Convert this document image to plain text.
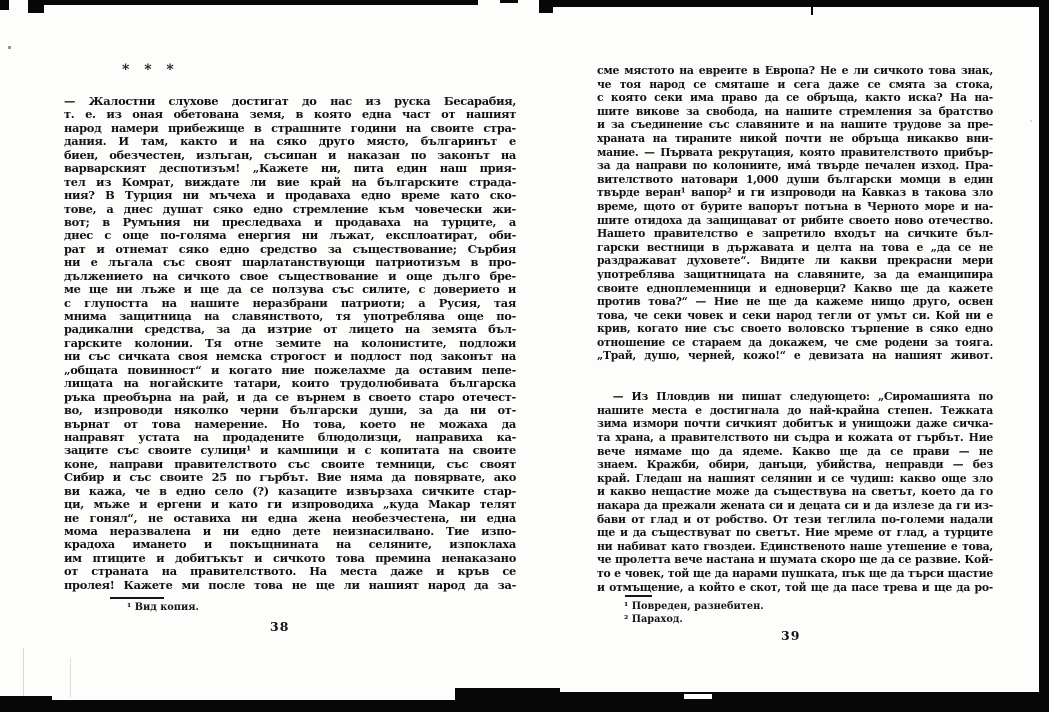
* * *
— Жалостни слухове достигат до нас из руска Бесарабия,
т. е. из оная обетована земя, в която една част от нашият
народ намери прибежище в страшните години на своите стра-
дания. И там, както и на сяко друго място, българинът е
биен, обезчестен, излъган, съсипан и наказан по законът на
варварският деспотизъм! „Кажете ни, пита един наш прия-
тел из Комрат, виждате ли вие край на българските страда-
ния? В Турция ни мъчеха и продаваха едно време като ско-
тове, а днес душат сяко едно стремление към човечески жи-
вот; в Румъния ни преследваха и продаваха на турците, а
днес с още по-голяма енергия ни лъжат, експлоатират, оби-
рат и отнемат сяко едно средство за съществование; Сърбия
ни е лъгала със своят шарлатанствующи патриотизъм в про-
дължението на сичкото свое съществование и още дълго бре-
ме ще ни лъже и ще да се ползува със силите, с доверието и
с глупостта на нашите неразбрани патриоти; а Русия, тая
мнима защитница на славянството, тя употреблява още по-
радикални средства, за да изтрие от лицето на земята бъл-
гарските колонии. Тя отне земите на колонистите, подложи
ни със сичката своя немска строгост и подлост под законът на
„общата повинност“ и когато ние пожелахме да оставим пепе-
лищата на ногайските татари, които трудолюбивата българска
ръка преобърна на рай, и да се върнем в своето старо отечест-
во, изпроводи няколко черни български души, за да ни от-
върнат от това намерение. Но това, което не можаха да
направят устата на продадените блюдолизци, направиха ка-
заците със своите сулици¹ и камшици и с копитата на своите
коне, направи правителството със своите темници, със своят
Сибир и със своите 25 по гърбът. Вие няма да повярвате, ако
ви кажа, че в едно село (?) казаците извързаха сичките стар-
ци, мъже и ергени и като ги изпроводиха „куда Макар телят
не гонял“, не оставиха ни една жена необезчестена, ни една
мома неразвалена и ни едно дете неизнасилвано. Тие изпо-
крадоха имането и покъщнината на селяните, изпоклаха
им птиците и добитъкът и сичкото това премина ненаказано
от страната на правителството. На места даже и кръв се
пролея! Кажете ми после това не ще ли нашият народ да за-
¹ Вид копия.
38
сме мястото на евреите в Европа? Не е ли сичкото това знак,
че тоя народ се смяташе и сега даже се смята за стока,
с която секи има право да се обръща, както иска? На на-
шите викове за свобода, на нашите стремления за братство
и за съединение със славяните и на нашите трудове за пре-
храната на тираните никой почти не обръща никакво вни-
мание. — Първата рекрутация, която правителството прибър-
за да направи по колониите, има́ твърде печален изход. Пра-
вителството натовари 1,000 души български момци в един
твърде веран¹ вапор² и ги изпроводи на Кавказ в такова зло
време, щото от бурите вапорът потъна в Черното море и на-
шите отидоха да защищават от рибите своето ново отечество.
Нашето правителство е запретило входът на сичките бъл-
гарски вестници в държавата и целта на това е „да се не
раздражават духовете“. Видите ли какви прекрасни мери
употреблява защитницата на славяните, за да еманципира
своите едноплеменници и едноверци? Какво ще да кажете
против това?“ — Ние не ще да кажеме нищо друго, освен
това, че секи човек и секи народ тегли от умът си. Кой ни е
крив, когато ние със своето воловско търпение в сяко едно
отношение се стараем да докажем, че сме родени за тояга.
„Трай, душо, черней, кожо!“ е девизата на нашият живот.
  — Из Пловдив ни пишат следующето: „Сиромашията по
нашите места е достигнала до най-крайна степен. Тежката
зима измори почти сичкият добитък и унищожи даже сичка-
та храна, а правителството ни съдра и кожата от гърбът. Ние
вече нямаме що да ядеме. Какво ще да се прави — не
знаем. Кражби, обири, данъци, убийства, неправди — без
край. Гледаш на нашият селянин и се чудиш: какво още зло
и какво нещастие може да съществува на светът, което да го
накара да прежали жената си и децата си и да излезе да ги из-
бави от глад и от робство. От тези теглила по-големи надали
ще и да съществуват по светът. Ние мреме от глад, а турците
ни набиват като гвоздеи. Единственото наше утешение е това,
че пролетта вече настана и шумата скоро ще да се развие. Кой-
то е човек, той ще да нарами пушката, пък ще да търси щастие
и отмъщение, а който е скот, той ще да пасе трева и ще да ро-
¹ Повреден, разнебитен.
² Параход.
39
